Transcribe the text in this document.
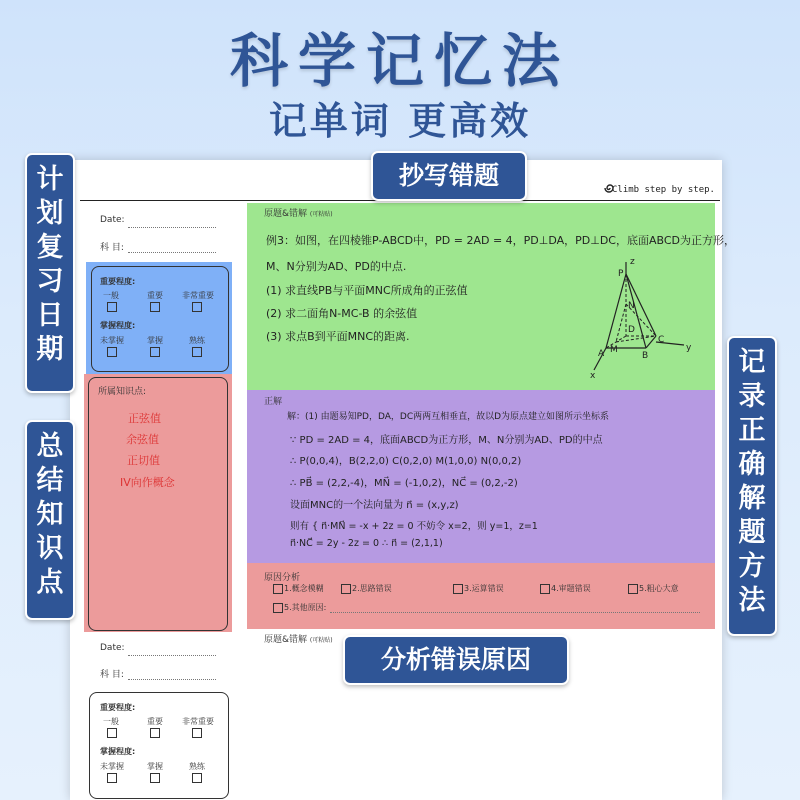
科学记忆法
记单词 更高效
Climb step by step.
Date:
科 目:
重要程度:
一般	重要 非常重要
掌握程度:
未掌握	掌握	熟练
所属知识点:
正弦值
余弦值
正切值
IV向作概念
原题&错解 (可粘贴)
例3：如图，在四棱锥P-ABCD中，PD = 2AD = 4，PD⊥DA，PD⊥DC，底面ABCD为正方形，
M、N分别为AD、PD的中点.
(1) 求直线PB与平面MNC所成角的正弦值
(2) 求二面角N-MC-B 的余弦值
(3) 求点B到平面MNC的距离.
P
z
N
D
A M
B
C
y
x
正解
解：(1) 由题易知PD，DA，DC两两互相垂直，故以D为原点建立如图所示坐标系
∵ PD = 2AD = 4，底面ABCD为正方形，M、N分别为AD、PD的中点
∴ P(0,0,4)，B(2,2,0) C(0,2,0) M(1,0,0) N(0,0,2)
∴ PB⃗ = (2,2,-4)，MN⃗ = (-1,0,2)，NC⃗ = (0,2,-2)
设面MNC的一个法向量为 n⃗ = (x,y,z)
则有 { n⃗·MN⃗ = -x + 2z = 0 不妨令 x=2，则 y=1，z=1
n⃗·NC⃗ = 2y - 2z = 0 ∴ n⃗ = (2,1,1)
原因分析
1.概念模糊	2.思路错误	3.运算错误	4.审题错误	5.粗心大意
5.其他原因:
原题&错解 (可粘贴)
Date:
科 目:
重要程度:
一般	重要 非常重要
掌握程度:
未掌握	掌握	熟练
抄写错题
分析错误原因
计划复习日期
总结知识点
记录正确解题方法
